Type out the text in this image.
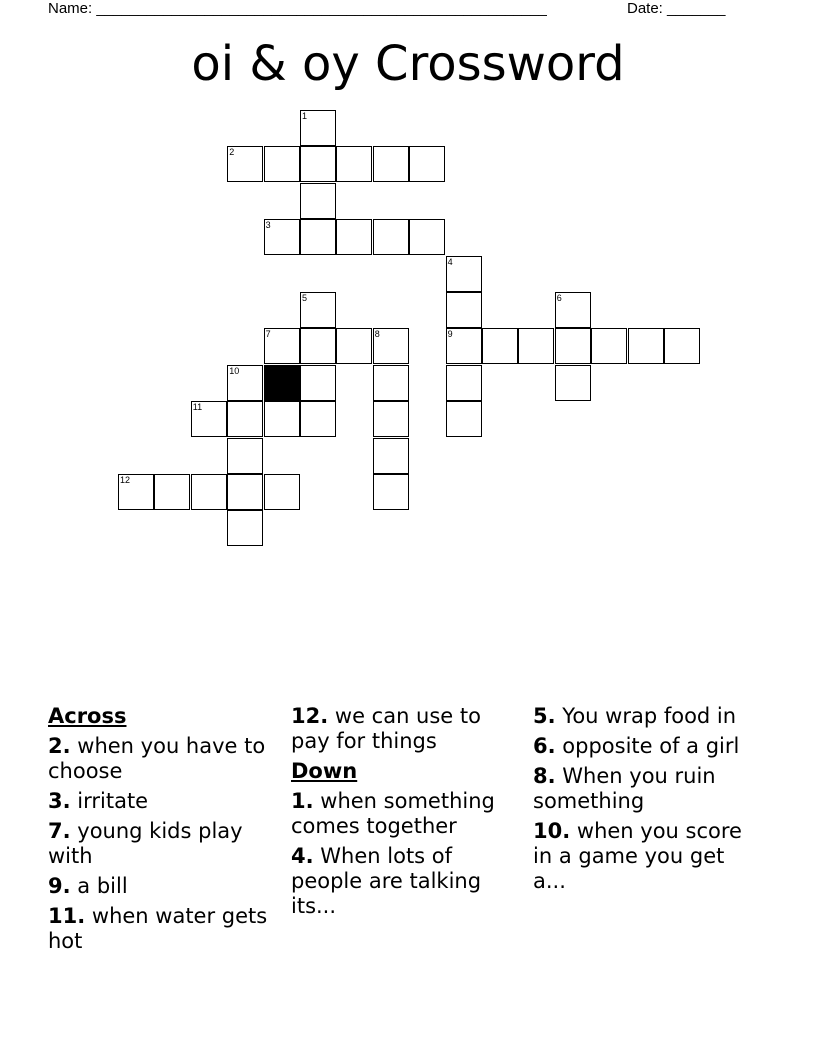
Name: ______________________________________________________	Date: _______
oi & oy Crossword
1
2
3
4
5	6
7	8	9
10
11
12
Across
2. when you have to choose
3. irritate
7. young kids play with
9. a bill
11. when water gets hot
12. we can use to pay for things
Down
1. when something comes together
4. When lots of people are talking its...
5. You wrap food in
6. opposite of a girl
8. When you ruin something
10. when you score in a game you get a...
